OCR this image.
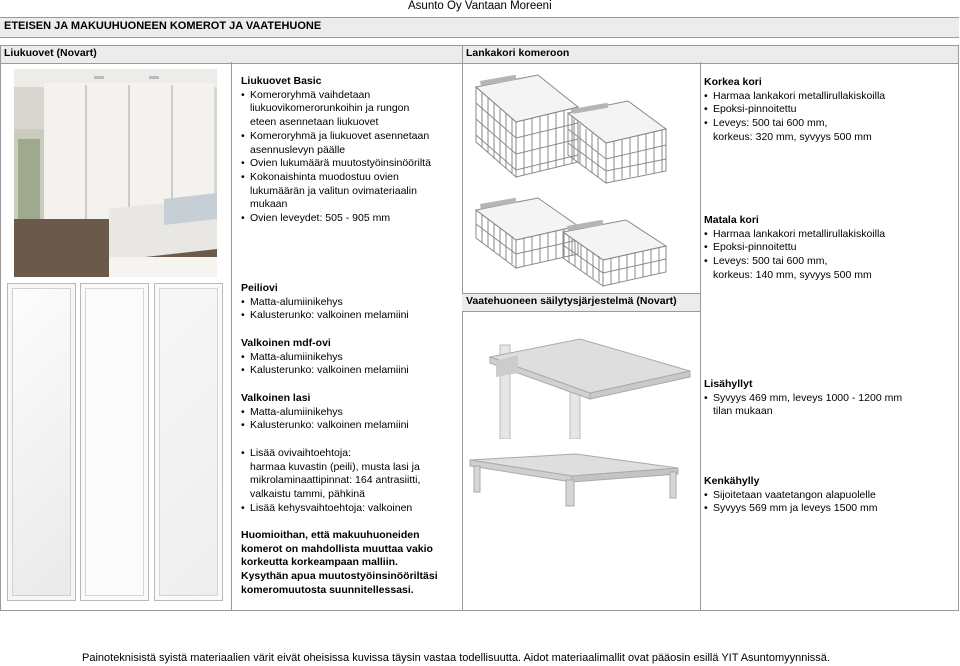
Asunto Oy Vantaan Moreeni
ETEISEN JA MAKUUHUONEEN KOMEROT JA VAATEHUONE
Liukuovet (Novart)	Lankakori komeroon
Liukuovet Basic
• Komeroryhmä vaihdetaan
liukuovikomerorunkoihin ja rungon
eteen asennetaan liukuovet
• Komeroryhmä ja liukuovet asennetaan
asennuslevyn päälle
• Ovien lukumäärä muutostyöinsinööriltä
• Kokonaishinta muodostuu ovien
lukumäärän ja valitun ovimateriaalin
mukaan
• Ovien leveydet: 505 - 905 mm
Peiliovi
• Matta-alumiinikehys
• Kalusterunko: valkoinen melamiini
Valkoinen mdf-ovi
• Matta-alumiinikehys
• Kalusterunko: valkoinen melamiini
Valkoinen lasi
• Matta-alumiinikehys
• Kalusterunko: valkoinen melamiini
• Lisää ovivaihtoehtoja:
harmaa kuvastin (peili), musta lasi ja
mikrolaminaattipinnat: 164 antrasiitti,
valkaistu tammi, pähkinä
• Lisää kehysvaihtoehtoja: valkoinen
Huomioithan, että makuuhuoneiden
komerot on mahdollista muuttaa vakio
korkeutta korkeampaan malliin.
Kysythän apua muutostyöinsinööriltäsi
komeromuutosta suunnitellessasi.
Vaatehuoneen säilytysjärjestelmä (Novart)
Korkea kori
• Harmaa lankakori metallirullakiskoilla
• Epoksi-pinnoitettu
• Leveys: 500 tai 600 mm,
korkeus: 320 mm, syvyys 500 mm
Matala kori
• Harmaa lankakori metallirullakiskoilla
• Epoksi-pinnoitettu
• Leveys: 500 tai 600 mm,
korkeus: 140 mm, syvyys 500 mm
Lisähyllyt
• Syvyys 469 mm, leveys 1000 - 1200 mm
tilan mukaan
Kenkähylly
• Sijoitetaan vaatetangon alapuolelle
• Syvyys 569 mm ja leveys 1500 mm
Painoteknisistä syistä materiaalien värit eivät oheisissa kuvissa täysin vastaa todellisuutta. Aidot materiaalimallit ovat pääosin esillä YIT Asuntomyynnissä.
